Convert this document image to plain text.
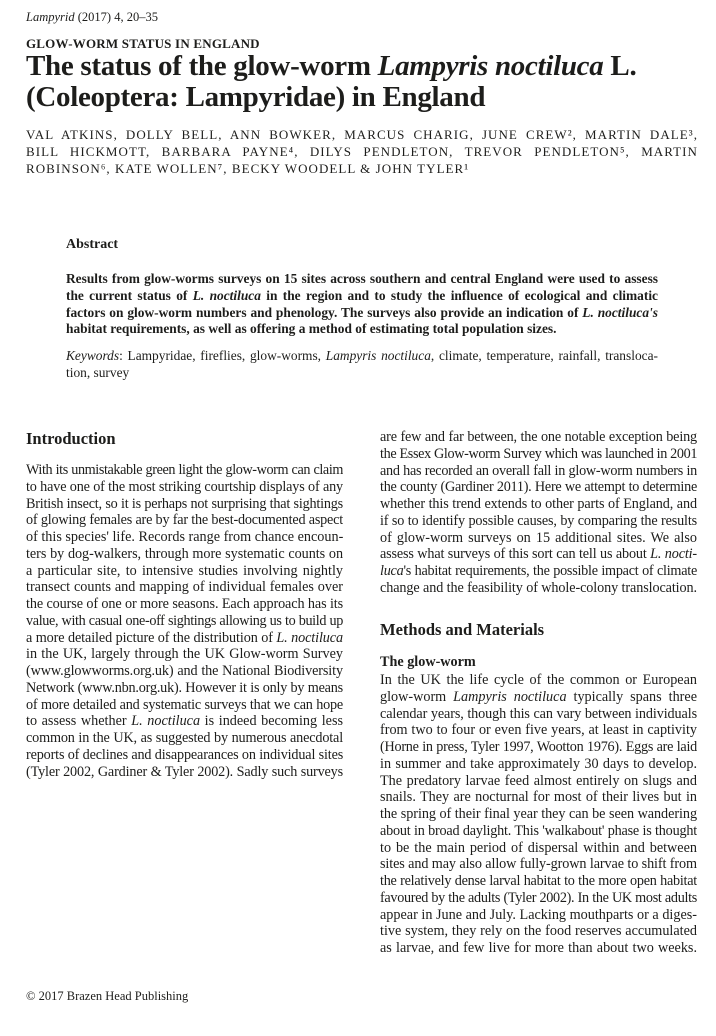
Lampyrid (2017) 4, 20–35
GLOW-WORM STATUS IN ENGLAND
The status of the glow-worm Lampyris noctiluca L.
(Coleoptera: Lampyridae) in England
VAL ATKINS, DOLLY BELL, ANN BOWKER, MARCUS CHARIG, JUNE CREW², MARTIN DALE³,
BILL HICKMOTT, BARBARA PAYNE⁴, DILYS PENDLETON, TREVOR PENDLETON⁵, MARTIN
ROBINSON⁶, KATE WOLLEN⁷, BECKY WOODELL & JOHN TYLER¹
Abstract
Results from glow-worms surveys on 15 sites across southern and central England were used to assess
the current status of L. noctiluca in the region and to study the influence of ecological and climatic
factors on glow-worm numbers and phenology. The surveys also provide an indication of L. noctiluca's
habitat requirements, as well as offering a method of estimating total population sizes.
Keywords: Lampyridae, fireflies, glow-worms, Lampyris noctiluca, climate, temperature, rainfall, transloca-
tion, survey
Introduction
With its unmistakable green light the glow-worm can claim
to have one of the most striking courtship displays of any
British insect, so it is perhaps not surprising that sightings
of glowing females are by far the best-documented aspect
of this species' life. Records range from chance encoun-
ters by dog-walkers, through more systematic counts on
a particular site, to intensive studies involving nightly
transect counts and mapping of individual females over
the course of one or more seasons. Each approach has its
value, with casual one-off sightings allowing us to build up
a more detailed picture of the distribution of L. noctiluca
in the UK, largely through the UK Glow-worm Survey
(www.glowworms.org.uk) and the National Biodiversity
Network (www.nbn.org.uk). However it is only by means
of more detailed and systematic surveys that we can hope
to assess whether L. noctiluca is indeed becoming less
common in the UK, as suggested by numerous anecdotal
reports of declines and disappearances on individual sites
(Tyler 2002, Gardiner & Tyler 2002). Sadly such surveys
are few and far between, the one notable exception being
the Essex Glow-worm Survey which was launched in 2001
and has recorded an overall fall in glow-worm numbers in
the county (Gardiner 2011). Here we attempt to determine
whether this trend extends to other parts of England, and
if so to identify possible causes, by comparing the results
of glow-worm surveys on 15 additional sites. We also
assess what surveys of this sort can tell us about L. nocti-
luca's habitat requirements, the possible impact of climate
change and the feasibility of whole-colony translocation.
Methods and Materials
The glow-worm
In the UK the life cycle of the common or European
glow-worm Lampyris noctiluca typically spans three
calendar years, though this can vary between individuals
from two to four or even five years, at least in captivity
(Horne in press, Tyler 1997, Wootton 1976). Eggs are laid
in summer and take approximately 30 days to develop.
The predatory larvae feed almost entirely on slugs and
snails. They are nocturnal for most of their lives but in
the spring of their final year they can be seen wandering
about in broad daylight. This 'walkabout' phase is thought
to be the main period of dispersal within and between
sites and may also allow fully-grown larvae to shift from
the relatively dense larval habitat to the more open habitat
favoured by the adults (Tyler 2002). In the UK most adults
appear in June and July. Lacking mouthparts or a diges-
tive system, they rely on the food reserves accumulated
as larvae, and few live for more than about two weeks.
© 2017 Brazen Head Publishing
